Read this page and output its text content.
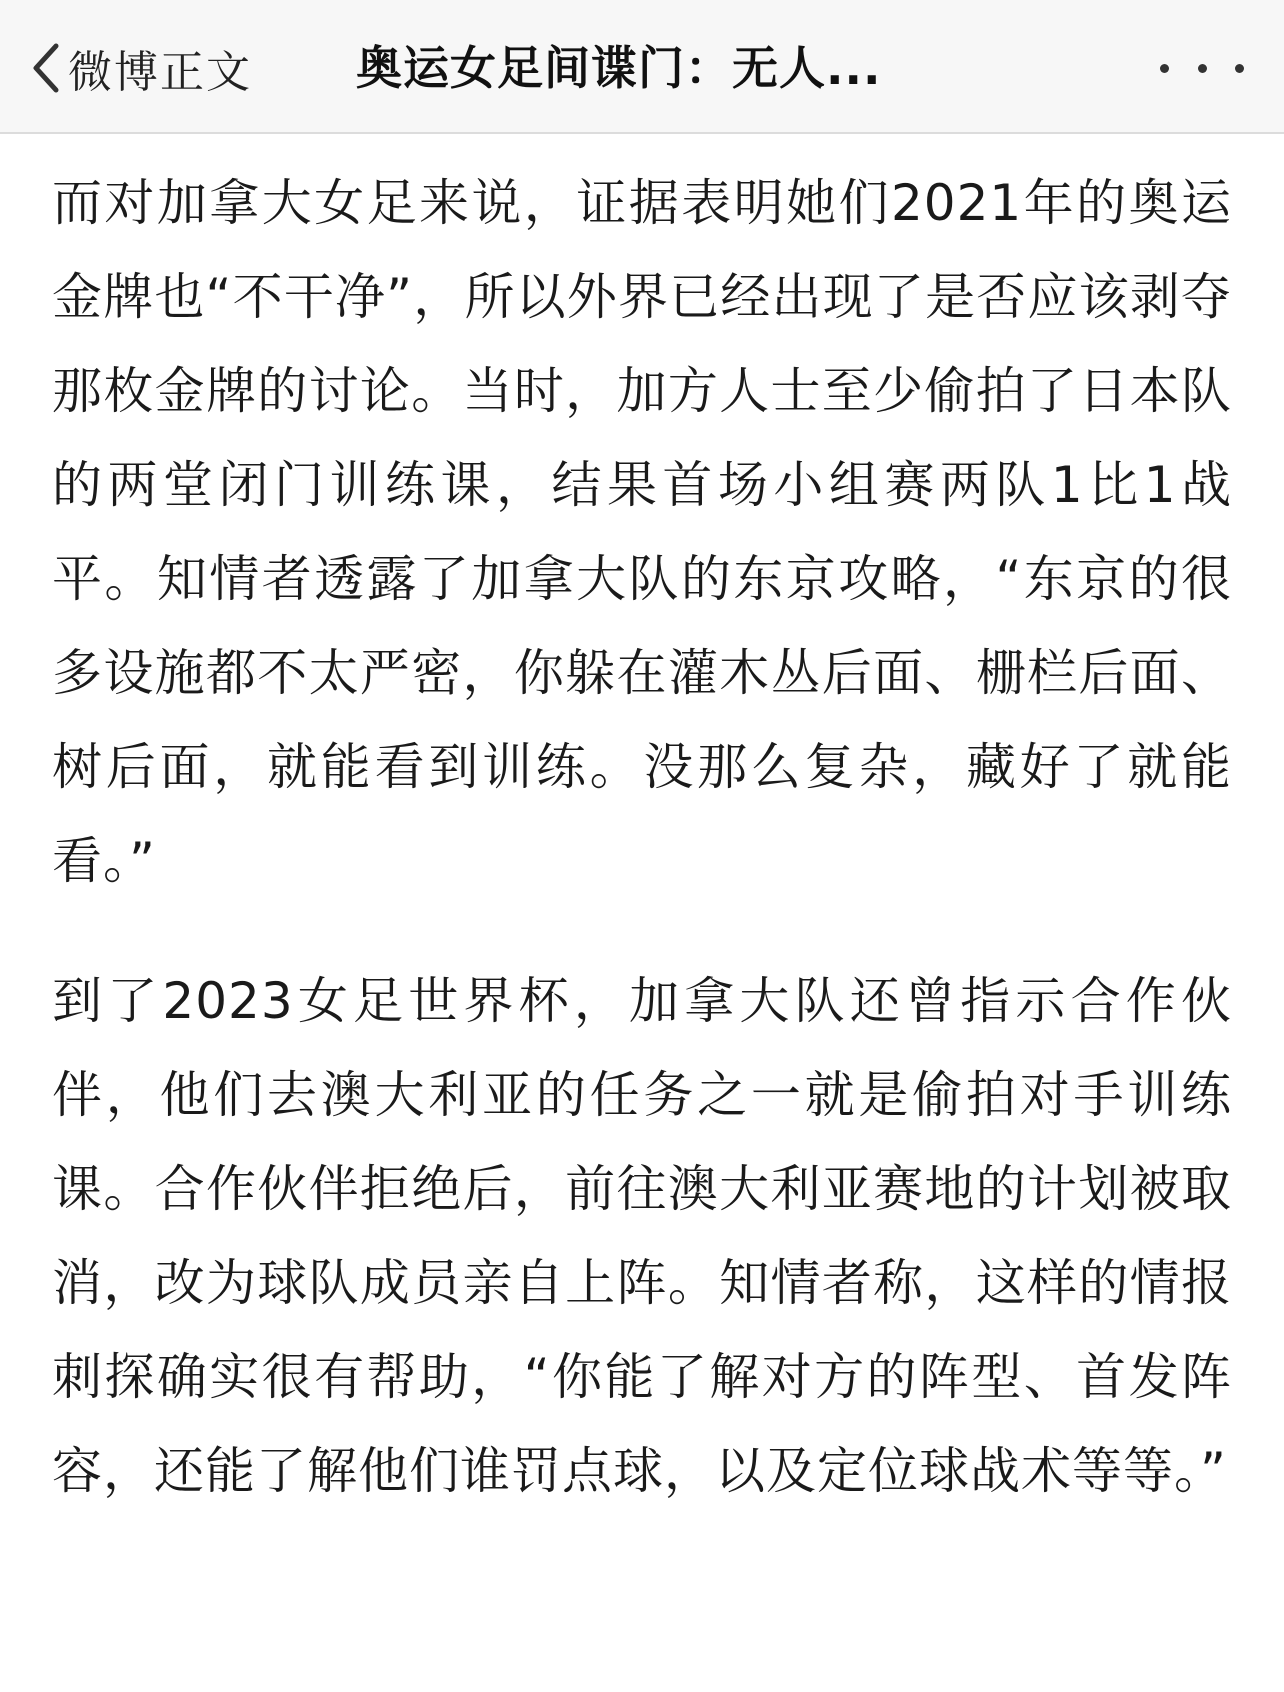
微博正文 奥运女足间谍门：无人...

而对加拿大女足来说，证据表明她们2021年的奥运金牌也“不干净”，所以外界已经出现了是否应该剥夺那枚金牌的讨论。当时，加方人士至少偷拍了日本队的两堂闭门训练课，结果首场小组赛两队1比1战平。知情者透露了加拿大队的东京攻略，“东京的很多设施都不太严密，你躲在灌木丛后面、栅栏后面、树后面，就能看到训练。没那么复杂，藏好了就能看。”

到了2023女足世界杯，加拿大队还曾指示合作伙伴，他们去澳大利亚的任务之一就是偷拍对手训练课。合作伙伴拒绝后，前往澳大利亚赛地的计划被取消，改为球队成员亲自上阵。知情者称，这样的情报刺探确实很有帮助，“你能了解对方的阵型、首发阵容，还能了解他们谁罚点球，以及定位球战术等等。”
